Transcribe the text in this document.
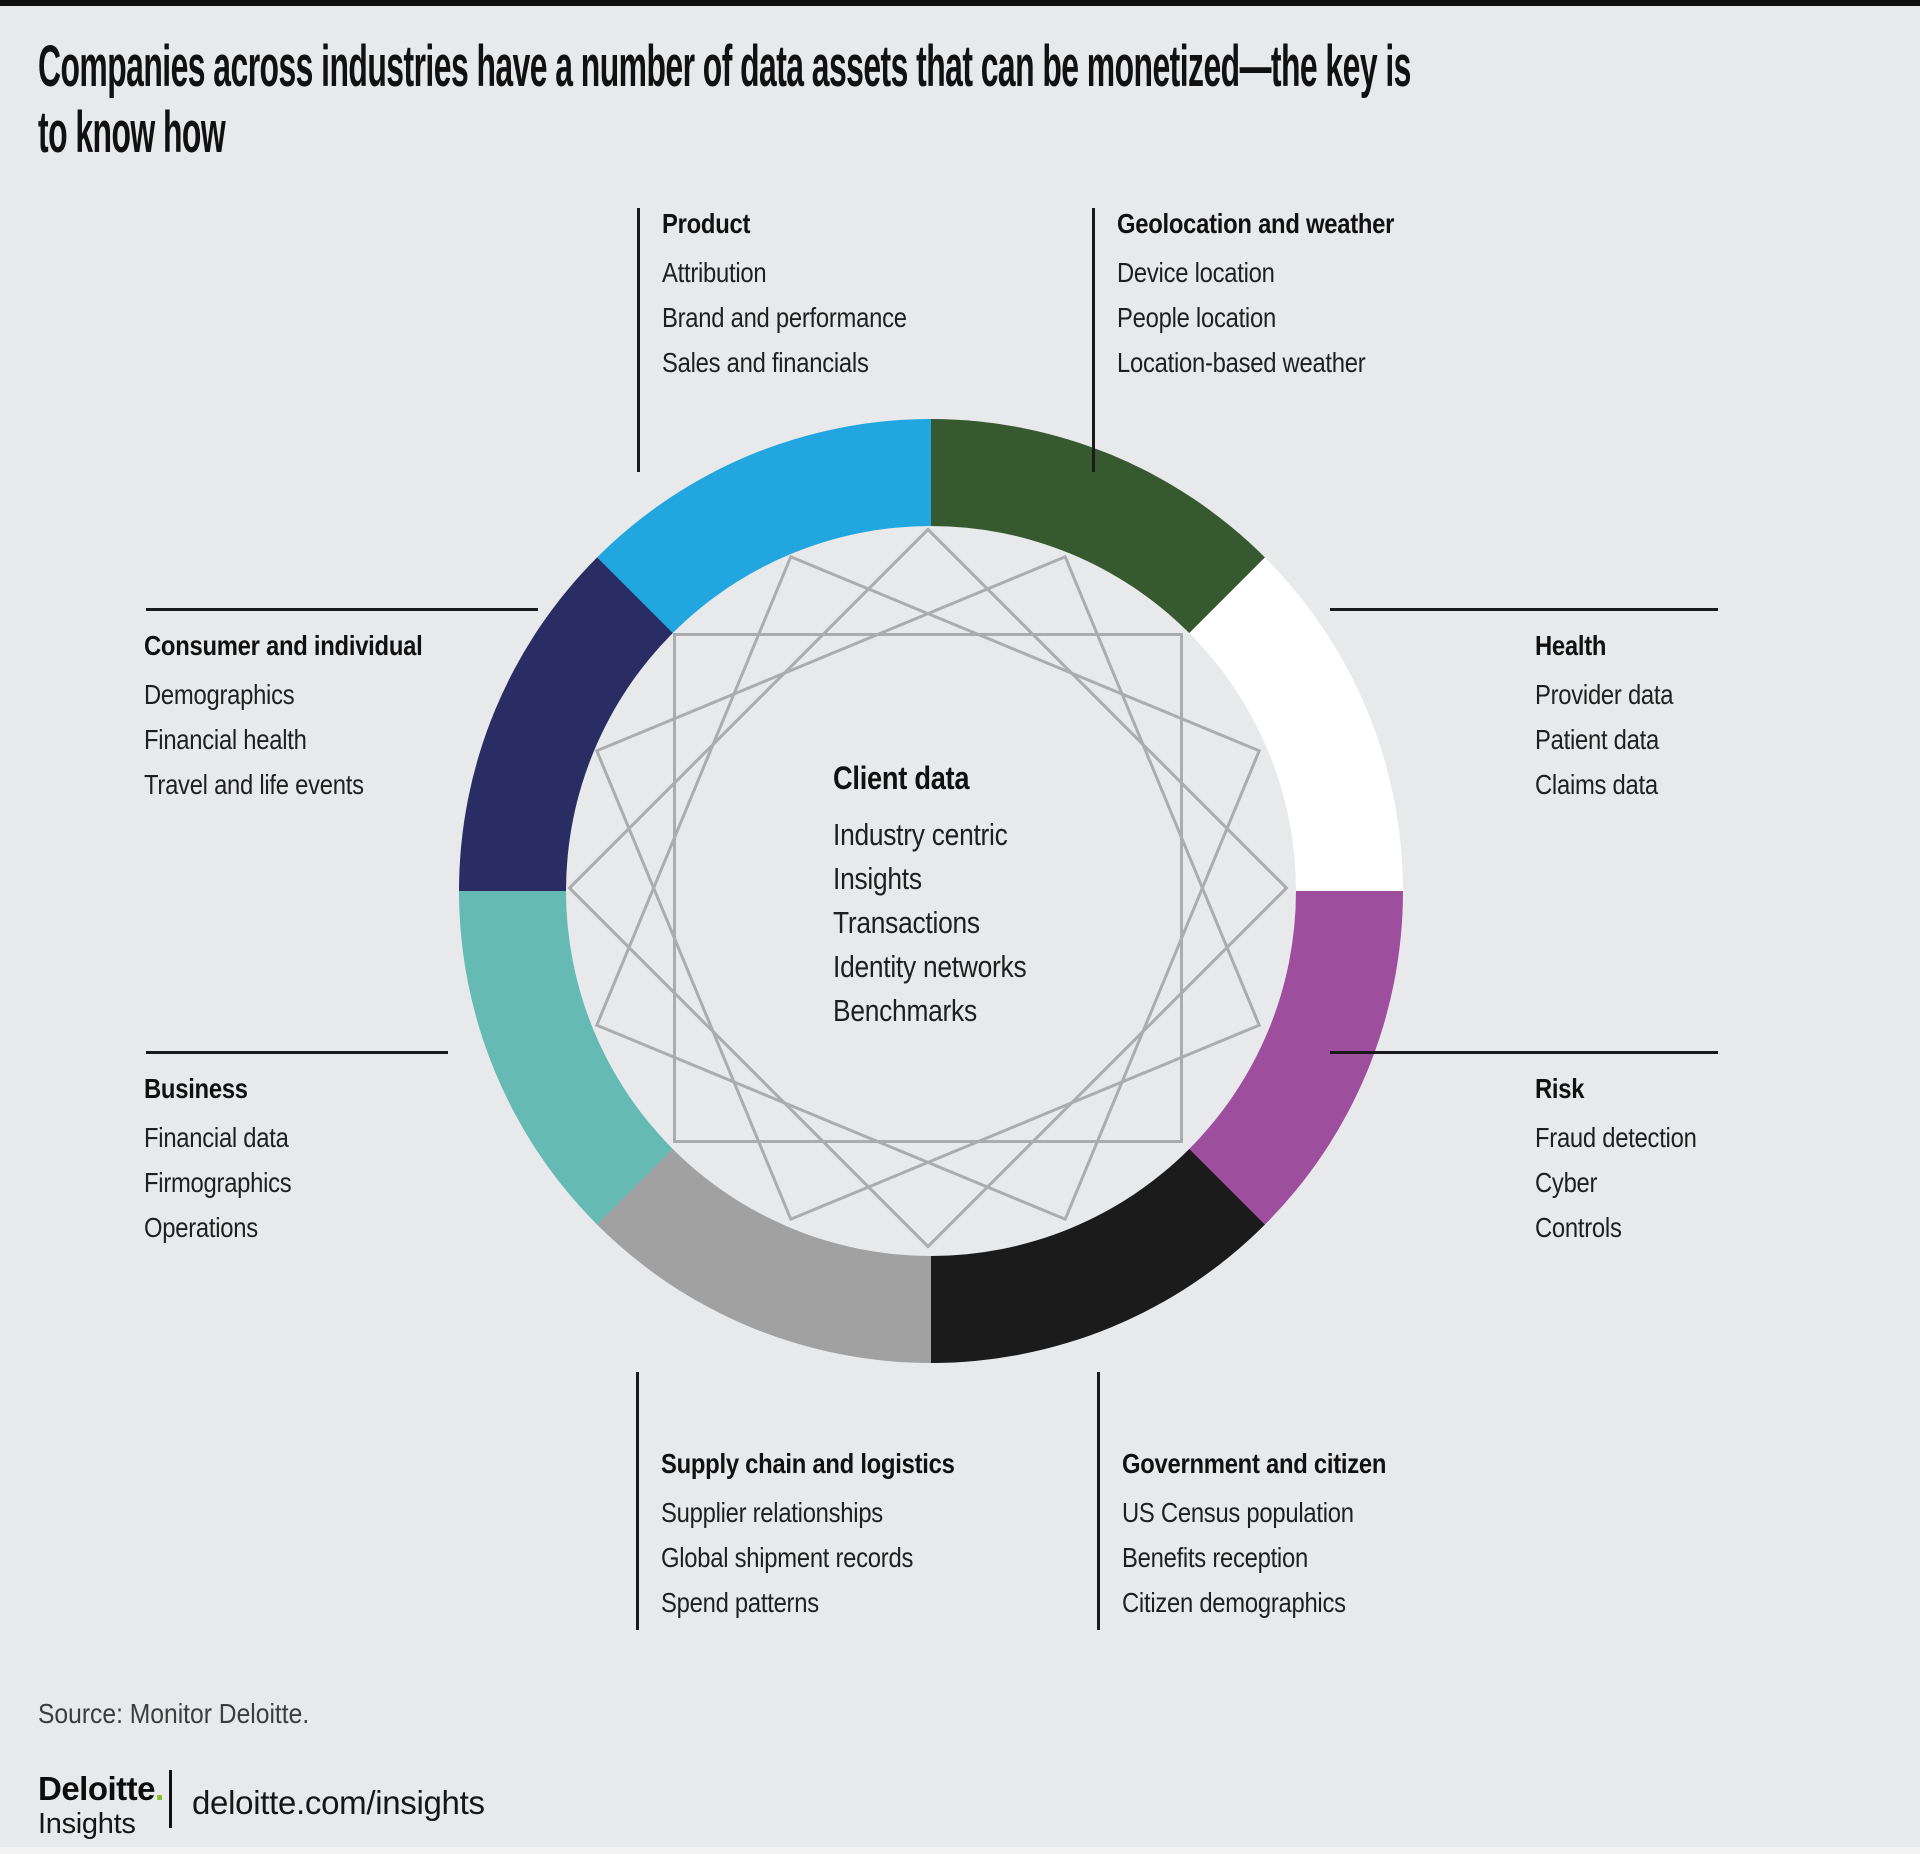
Companies across industries have a number of data assets that can be monetized—the key is
to know how
Client data
Industry centric
Insights
Transactions
Identity networks
Benchmarks
Product
Attribution
Brand and performance
Sales and financials
Geolocation and weather
Device location
People location
Location-based weather
Health
Provider data
Patient data
Claims data
Risk
Fraud detection
Cyber
Controls
Consumer and individual
Demographics
Financial health
Travel and life events
Business
Financial data
Firmographics
Operations
Supply chain and logistics
Supplier relationships
Global shipment records
Spend patterns
Government and citizen
US Census population
Benefits reception
Citizen demographics
Source: Monitor Deloitte.
Deloitte.
Insights
deloitte.com/insights
